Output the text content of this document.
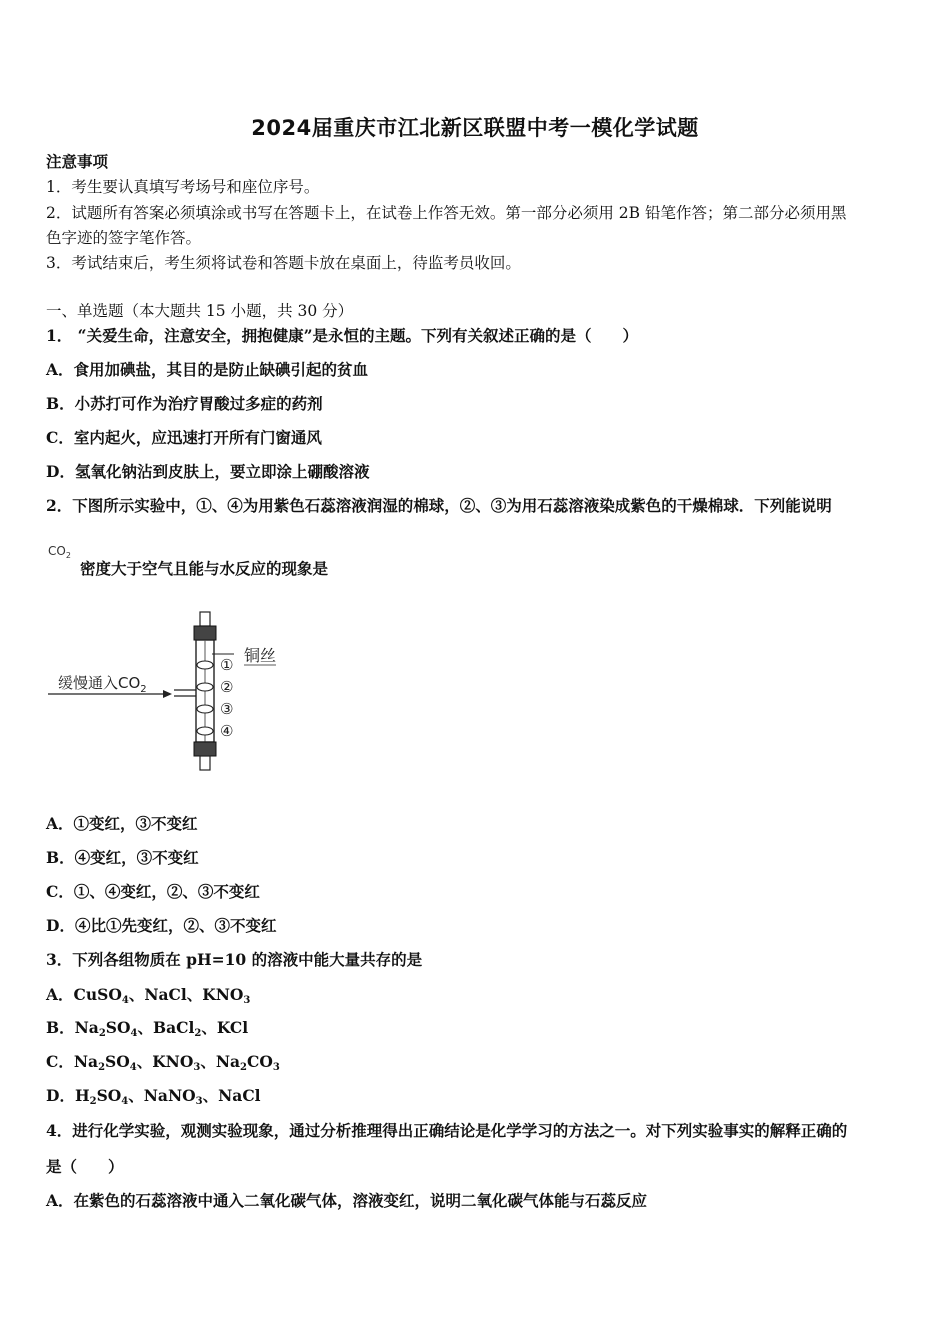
2024届重庆市江北新区联盟中考一模化学试题
注意事项
1．考生要认真填写考场号和座位序号。
2．试题所有答案必须填涂或书写在答题卡上，在试卷上作答无效。第一部分必须用 2B 铅笔作答；第二部分必须用黑
色字迹的签字笔作答。
3．考试结束后，考生须将试卷和答题卡放在桌面上，待监考员收回。
一、单选题（本大题共 15 小题，共 30 分）
1． “关爱生命，注意安全，拥抱健康”是永恒的主题。下列有关叙述正确的是（　　）
A．食用加碘盐，其目的是防止缺碘引起的贫血
B．小苏打可作为治疗胃酸过多症的药剂
C．室内起火，应迅速打开所有门窗通风
D．氢氧化钠沾到皮肤上，要立即涂上硼酸溶液
2．下图所示实验中，①、④为用紫色石蕊溶液润湿的棉球，②、③为用石蕊溶液染成紫色的干燥棉球．下列能说明
$CO_2$
密度大于空气且能与水反应的现象是
铜丝
①
②
③
④
缓慢通入$CO_2$
A．①变红，③不变红
B．④变红，③不变红
C．①、④变红，②、③不变红
D．④比①先变红，②、③不变红
3．下列各组物质在 pH=10 的溶液中能大量共存的是
A．CuSO$_4$、NaCl、$KNO_3$
B．$Na_2SO_4$、BaCl$_2$、KCl
C．$Na_2SO_4$、$KNO_3$、$Na_2CO_3$
D．$H_2SO_4$、NaNO$_3$、NaCl
4．进行化学实验，观测实验现象，通过分析推理得出正确结论是化学学习的方法之一。对下列实验事实的解释正确的
是（　　）
A．在紫色的石蕊溶液中通入二氧化碳气体，溶液变红，说明二氧化碳气体能与石蕊反应
